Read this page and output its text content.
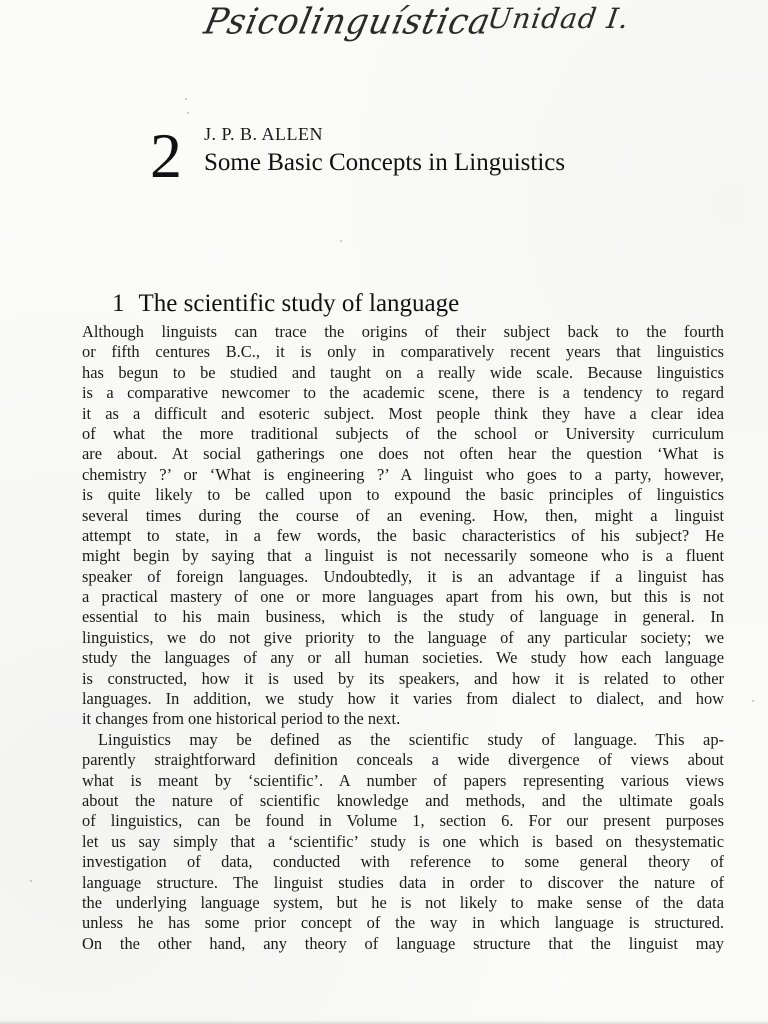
Psicolinguística
Unidad I.
2 J. P. B. ALLEN
Some Basic Concepts in Linguistics
1 The scientific study of language
Although linguists can trace the origins of their subject back to the fourth
or fifth centures B.C., it is only in comparatively recent years that linguistics
has begun to be studied and taught on a really wide scale. Because linguistics
is a comparative newcomer to the academic scene, there is a tendency to regard
it as a difficult and esoteric subject. Most people think they have a clear idea
of what the more traditional subjects of the school or University curriculum
are about. At social gatherings one does not often hear the question ‘What is
chemistry ?’ or ‘What is engineering ?’ A linguist who goes to a party, however,
is quite likely to be called upon to expound the basic principles of linguistics
several times during the course of an evening. How, then, might a linguist
attempt to state, in a few words, the basic characteristics of his subject? He
might begin by saying that a linguist is not necessarily someone who is a fluent
speaker of foreign languages. Undoubtedly, it is an advantage if a linguist has
a practical mastery of one or more languages apart from his own, but this is not
essential to his main business, which is the study of language in general. In
linguistics, we do not give priority to the language of any particular society; we
study the languages of any or all human societies. We study how each language
is constructed, how it is used by its speakers, and how it is related to other
languages. In addition, we study how it varies from dialect to dialect, and how
it changes from one historical period to the next.
Linguistics may be defined as the scientific study of language. This ap-
parently straightforward definition conceals a wide divergence of views about
what is meant by ‘scientific’. A number of papers representing various views
about the nature of scientific knowledge and methods, and the ultimate goals
of linguistics, can be found in Volume 1, section 6. For our present purposes
let us say simply that a ‘scientific’ study is one which is based on thesystematic
investigation of data, conducted with reference to some general theory of
language structure. The linguist studies data in order to discover the nature of
the underlying language system, but he is not likely to make sense of the data
unless he has some prior concept of the way in which language is structured.
On the other hand, any theory of language structure that the linguist may
